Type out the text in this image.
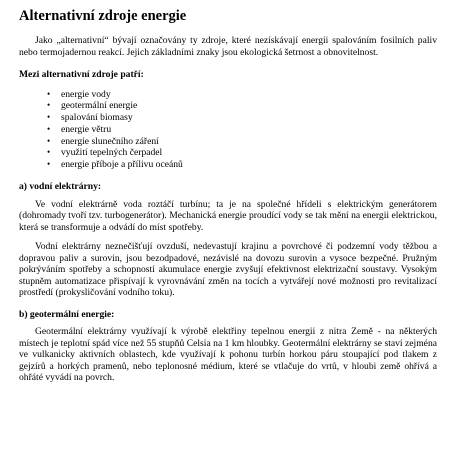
Alternativní zdroje energie

Jako „alternativní“ bývají označovány ty zdroje, které nezískávají energii spalováním fosilních paliv nebo termojadernou reakcí. Jejich základními znaky jsou ekologická šetrnost a obnovitelnost.

Mezi alternativní zdroje patří:
• energie vody
• geotermální energie
• spalování biomasy
• energie větru
• energie slunečního záření
• využití tepelných čerpadel
• energie příboje a přílivu oceánů
a) vodní elektrárny:

Ve vodní elektrárně voda roztáčí turbínu; ta je na společné hřídeli s elektrickým generátorem (dohromady tvoří tzv. turbogenerátor). Mechanická energie proudící vody se tak mění na energii elektrickou, která se transformuje a odvádí do míst spotřeby.

Vodní elektrárny neznečišťují ovzduší, nedevastují krajinu a povrchové či podzemní vody těžbou a dopravou paliv a surovin, jsou bezodpadové, nezávislé na dovozu surovin a vysoce bezpečné. Pružným pokrýváním spotřeby a schopností akumulace energie zvyšují efektivnost elektrizační soustavy. Vysokým stupněm automatizace přispívají k vyrovnávání změn na tocích a vytvářejí nové možnosti pro revitalizací prostředí (prokysličování vodního toku).

b) geotermální energie:

Geotermální elektrárny využívají k výrobě elektřiny tepelnou energii z nitra Země - na některých místech je teplotní spád více než 55 stupňů Celsia na 1 km hloubky. Geotermální elektrárny se staví zejména ve vulkanicky aktivních oblastech, kde využívají k pohonu turbín horkou páru stoupající pod tlakem z gejzírů a horkých pramenů, nebo teplonosné médium, které se vtlačuje do vrtů, v hloubi země ohřívá a ohřáté vyvádí na povrch.
